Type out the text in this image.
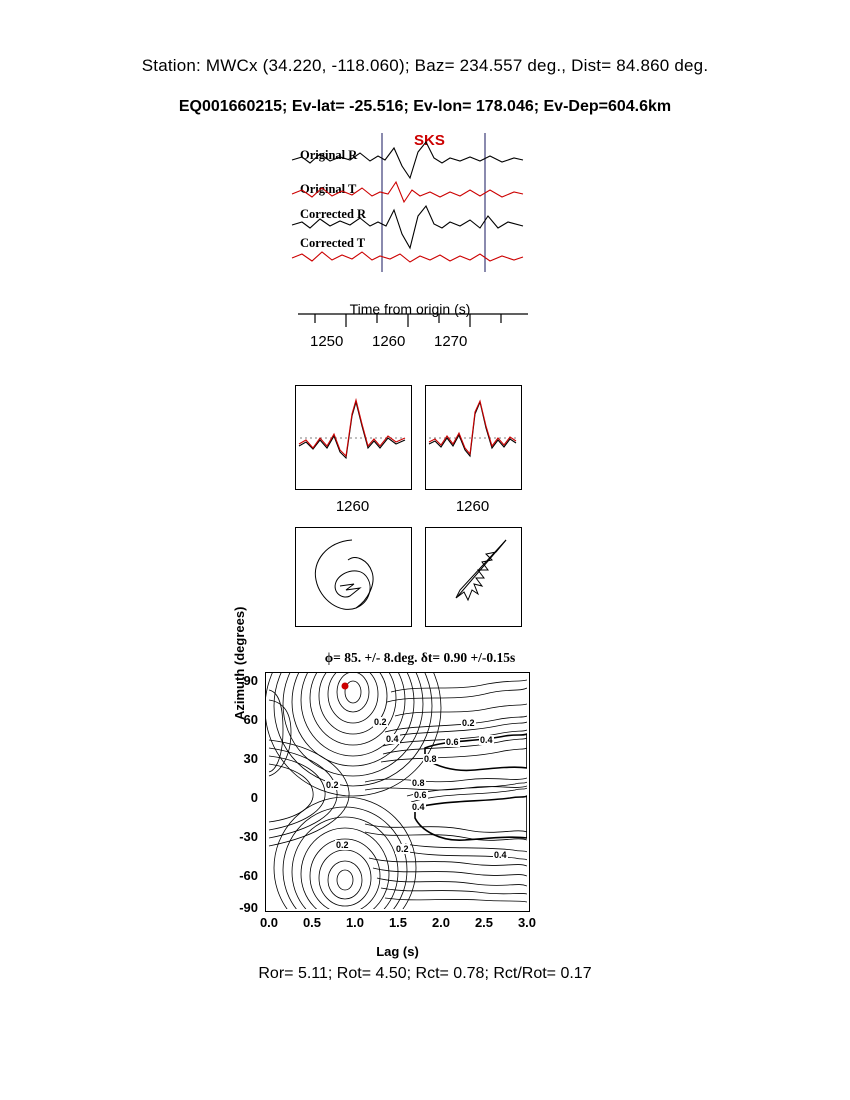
Station: MWCx (34.220, -118.060); Baz= 234.557 deg., Dist= 84.860 deg.
EQ001660215; Ev-lat= -25.516; Ev-lon= 178.046; Ev-Dep=604.6km
SKS
Original R
Original T
Corrected R
Corrected T
Time from origin (s)
1250 1260 1270
1260	1260
ϕ= 85. +/- 8.deg. δt= 0.90 +/-0.15s
Azimuth (degrees)
90
60
30
0
-30
-60
-90
0.2
0.4	0.6
0.8
0.2
0.4
0.6
0.8
0.4
0.2
0.2	0.2
0.4
0.0	0.5	1.0	1.5	2.0	2.5	3.0
Lag (s)
Ror= 5.11; Rot= 4.50; Rct= 0.78; Rct/Rot= 0.17
